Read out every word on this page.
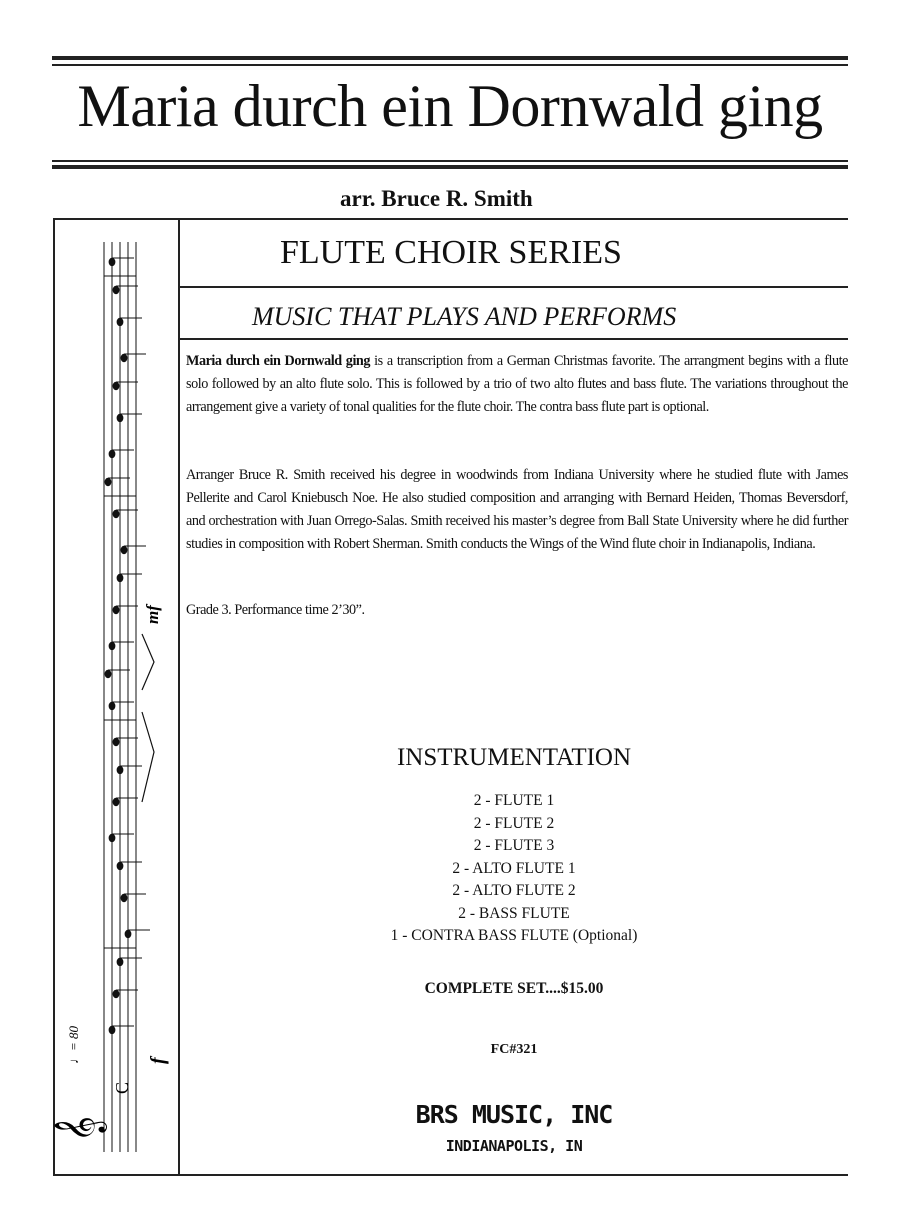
Maria durch ein Dornwald ging
arr. Bruce R. Smith
FLUTE CHOIR SERIES
MUSIC THAT PLAYS AND PERFORMS
Maria durch ein Dornwald ging is a transcription from a German Christmas favorite. The arrangment begins with a flute solo followed by an alto flute solo. This is followed by a trio of two alto flutes and bass flute. The variations throughout the arrangement give a variety of tonal qualities for the flute choir. The contra bass flute part is optional.
Arranger Bruce R. Smith received his degree in woodwinds from Indiana University where he studied flute with James Pellerite and Carol Kniebusch Noe. He also studied composition and arranging with Bernard Heiden, Thomas Beversdorf, and orchestration with Juan Orrego-Salas. Smith received his master’s degree from Ball State University where he did further studies in composition with Robert Sherman. Smith conducts the Wings of the Wind flute choir in Indianapolis, Indiana.
Grade 3. Performance time 2’30”.
INSTRUMENTATION
2 - FLUTE 1
2 - FLUTE 2
2 - FLUTE 3
2 - ALTO FLUTE 1
2 - ALTO FLUTE 2
2 - BASS FLUTE
1 - CONTRA BASS FLUTE (Optional)
COMPLETE SET....$15.00
FC#321
BRS MUSIC, INC
INDIANAPOLIS, IN
𝄞
C
♩= 80	f
mf
